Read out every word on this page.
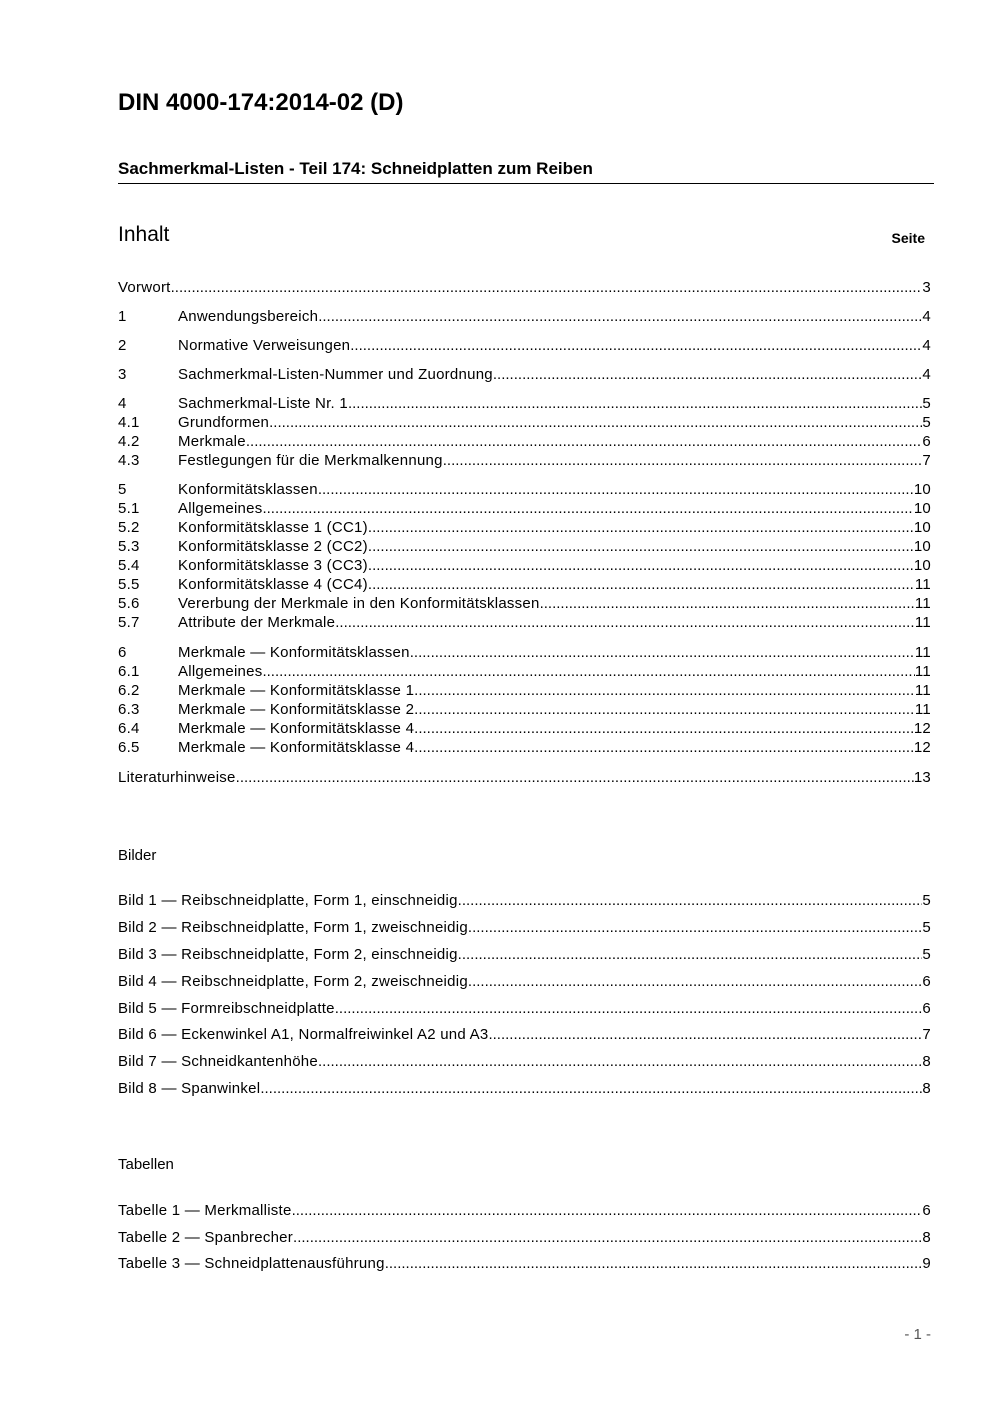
DIN 4000-174:2014-02 (D)
Sachmerkmal-Listen - Teil 174: Schneidplatten zum Reiben
Inhalt	Seite
Vorwort .....	3
1	Anwendungsbereich .....	4
2	Normative Verweisungen .....	4
3	Sachmerkmal-Listen-Nummer und Zuordnung .....	4
4	Sachmerkmal-Liste Nr. 1 .....	5
4.1	Grundformen .....	5
4.2	Merkmale .....	6
4.3	Festlegungen für die Merkmalkennung .....	7
5	Konformitätsklassen .....	10
5.1	Allgemeines .....	10
5.2	Konformitätsklasse 1 (CC1) .....	10
5.3	Konformitätsklasse 2 (CC2) .....	10
5.4	Konformitätsklasse 3 (CC3) .....	10
5.5	Konformitätsklasse 4 (CC4) .....	11
5.6	Vererbung der Merkmale in den Konformitätsklassen .....	11
5.7	Attribute der Merkmale .....	11
6	Merkmale — Konformitätsklassen .....	11
6.1	Allgemeines .....	11
6.2	Merkmale — Konformitätsklasse 1 .....	11
6.3	Merkmale — Konformitätsklasse 2 .....	11
6.4	Merkmale — Konformitätsklasse 4 .....	12
6.5	Merkmale — Konformitätsklasse 4 .....	12
Literaturhinweise .....	13
Bilder
Bild 1 — Reibschneidplatte, Form 1, einschneidig .....	5
Bild 2 — Reibschneidplatte, Form 1, zweischneidig .....	5
Bild 3 — Reibschneidplatte, Form 2, einschneidig .....	5
Bild 4 — Reibschneidplatte, Form 2, zweischneidig .....	6
Bild 5 — Formreibschneidplatte .....	6
Bild 6 — Eckenwinkel A1, Normalfreiwinkel A2 und A3 .....	7
Bild 7 — Schneidkantenhöhe .....	8
Bild 8 — Spanwinkel .....	8
Tabellen
Tabelle 1 — Merkmalliste .....	6
Tabelle 2 — Spanbrecher .....	8
Tabelle 3 — Schneidplattenausführung .....	9
- 1 -
